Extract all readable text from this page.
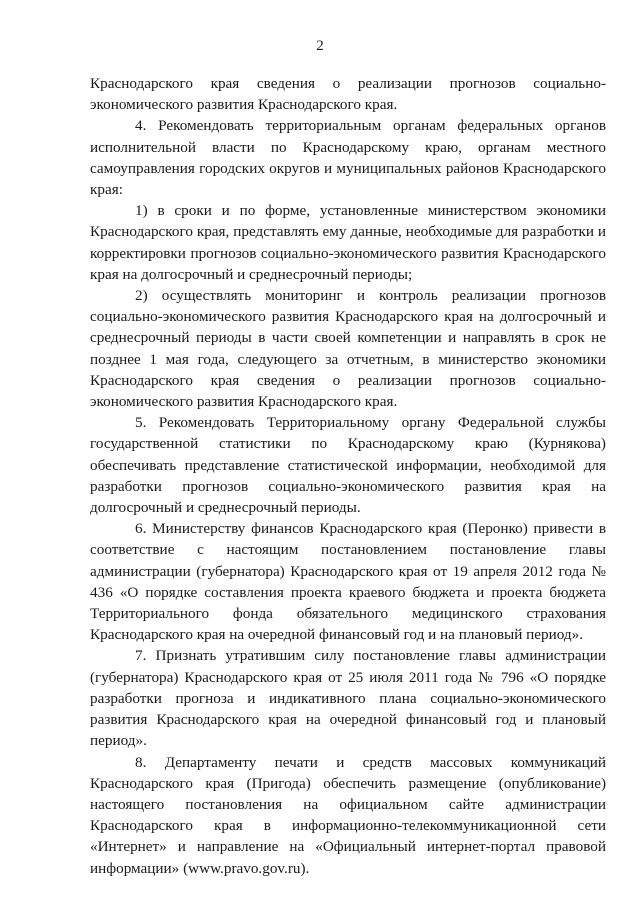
2

Краснодарского края сведения о реализации прогнозов социально-экономического развития Краснодарского края.

4. Рекомендовать территориальным органам федеральных органов исполнительной власти по Краснодарскому краю, органам местного самоуправления городских округов и муниципальных районов Краснодарского края:

1) в сроки и по форме, установленные министерством экономики Краснодарского края, представлять ему данные, необходимые для разработки и корректировки прогнозов социально-экономического развития Краснодарского края на долгосрочный и среднесрочный периоды;

2) осуществлять мониторинг и контроль реализации прогнозов социально-экономического развития Краснодарского края на долгосрочный и среднесрочный периоды в части своей компетенции и направлять в срок не позднее 1 мая года, следующего за отчетным, в министерство экономики Краснодарского края сведения о реализации прогнозов социально-экономического развития Краснодарского края.

5. Рекомендовать Территориальному органу Федеральной службы государственной статистики по Краснодарскому краю (Курнякова) обеспечивать представление статистической информации, необходимой для разработки прогнозов социально-экономического развития края на долгосрочный и среднесрочный периоды.

6. Министерству финансов Краснодарского края (Перонко) привести в соответствие с настоящим постановлением постановление главы администрации (губернатора) Краснодарского края от 19 апреля 2012 года № 436 «О порядке составления проекта краевого бюджета и проекта бюджета Территориального фонда обязательного медицинского страхования Краснодарского края на очередной финансовый год и на плановый период».

7. Признать утратившим силу постановление главы администрации (губернатора) Краснодарского края от 25 июля 2011 года № 796 «О порядке разработки прогноза и индикативного плана социально-экономического развития Краснодарского края на очередной финансовый год и плановый период».

8. Департаменту печати и средств массовых коммуникаций Краснодарского края (Пригода) обеспечить размещение (опубликование) настоящего постановления на официальном сайте администрации Краснодарского края в информационно-телекоммуникационной сети «Интернет» и направление на «Официальный интернет-портал правовой информации» (www.pravo.gov.ru).
